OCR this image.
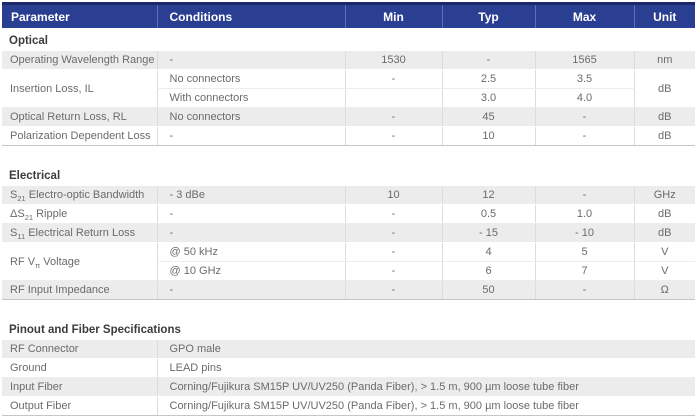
Parameter	Conditions	Min	Typ	Max	Unit
Optical
Operating Wavelength Range	-	1530	-	1565	nm
Insertion Loss, IL	No connectors	-	2.5	3.5	dB
	With connectors		3.0	4.0	
Optical Return Loss, RL	No connectors	-	45	-	dB
Polarization Dependent Loss	-	-	10	-	dB
Electrical
$S_{21}$ Electro-optic Bandwidth	- 3 dBe	10	12	-	GHz
$\Delta S_{21}$ Ripple	-	-	0.5	1.0	dB
$S_{11}$ Electrical Return Loss	-	-	- 15	- 10	dB
RF $V_\pi$ Voltage	@ 50 kHz	-	4	5	V
	@ 10 GHz	-	6	7	V
RF Input Impedance	-	-	50	-	Ω
Pinout and Fiber Specifications
RF Connector	GPO male
Ground	LEAD pins
Input Fiber	Corning/Fujikura SM15P UV/UV250 (Panda Fiber), > 1.5 m, 900 µm loose tube fiber
Output Fiber	Corning/Fujikura SM15P UV/UV250 (Panda Fiber), > 1.5 m, 900 µm loose tube fiber
